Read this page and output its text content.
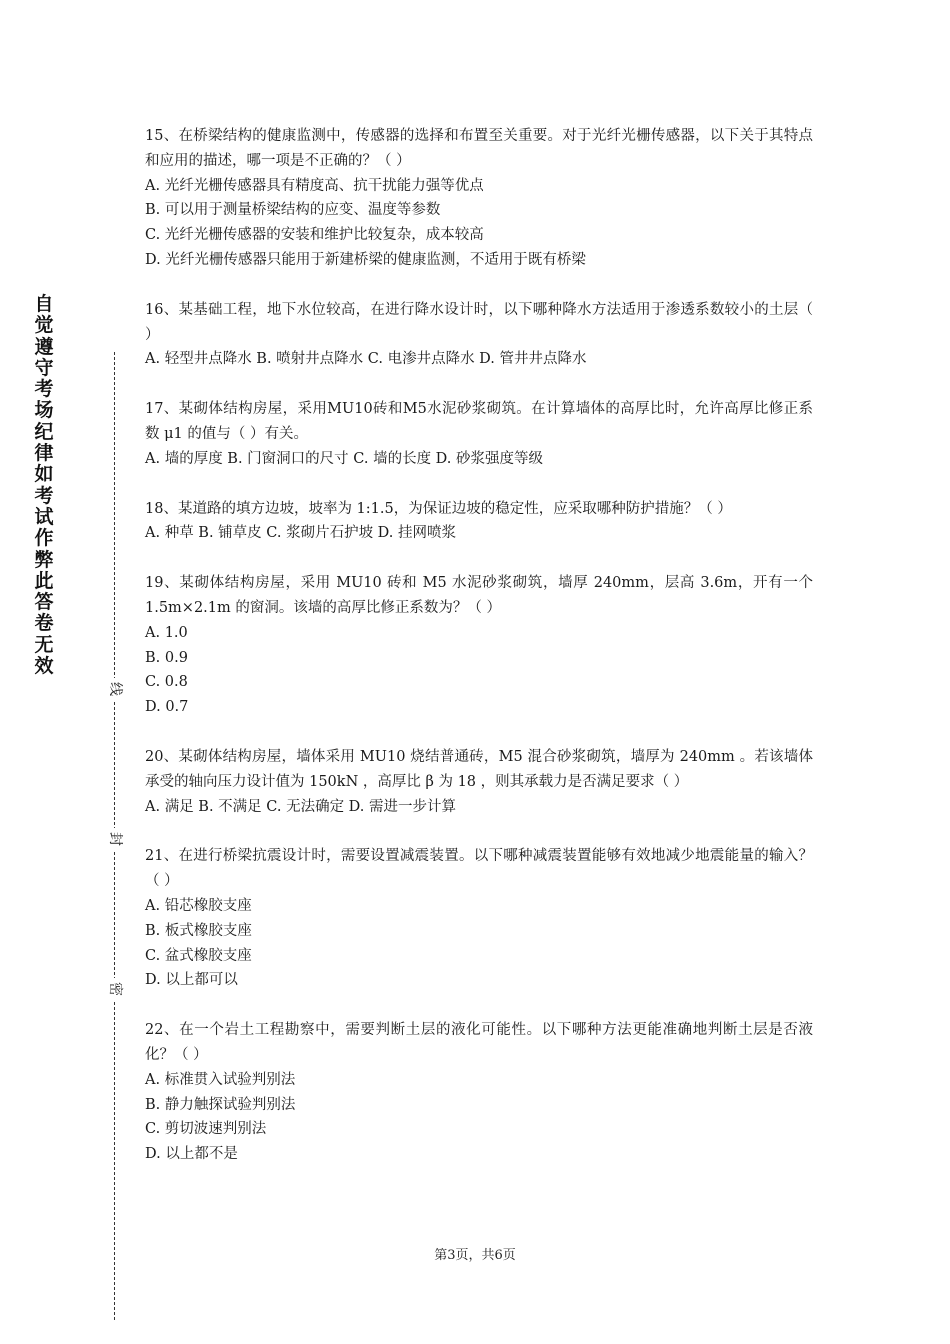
自觉遵守考场纪律如考试作弊此答卷无效
线
封
密
15、在桥梁结构的健康监测中，传感器的选择和布置至关重要。对于光纤光栅传感器，以下关于其特点和应用的描述，哪一项是不正确的？（ ）
A. 光纤光栅传感器具有精度高、抗干扰能力强等优点
B. 可以用于测量桥梁结构的应变、温度等参数
C. 光纤光栅传感器的安装和维护比较复杂，成本较高
D. 光纤光栅传感器只能用于新建桥梁的健康监测，不适用于既有桥梁
16、某基础工程，地下水位较高，在进行降水设计时，以下哪种降水方法适用于渗透系数较小的土层（ ）
A. 轻型井点降水 B. 喷射井点降水 C. 电渗井点降水 D. 管井井点降水
17、某砌体结构房屋，采用MU10砖和M5水泥砂浆砌筑。在计算墙体的高厚比时，允许高厚比修正系数 μ1 的值与（ ）有关。
A. 墙的厚度 B. 门窗洞口的尺寸 C. 墙的长度 D. 砂浆强度等级
18、某道路的填方边坡，坡率为 1:1.5，为保证边坡的稳定性，应采取哪种防护措施？（ ）
A. 种草 B. 铺草皮 C. 浆砌片石护坡 D. 挂网喷浆
19、某砌体结构房屋，采用 MU10 砖和 M5 水泥砂浆砌筑，墙厚 240mm，层高 3.6m，开有一个 1.5m×2.1m 的窗洞。该墙的高厚比修正系数为？（ ）
A. 1.0
B. 0.9
C. 0.8
D. 0.7
20、某砌体结构房屋，墙体采用 MU10 烧结普通砖，M5 混合砂浆砌筑，墙厚为 240mm 。若该墙体承受的轴向压力设计值为 150kN ，高厚比 β 为 18 ，则其承载力是否满足要求（ ）
A. 满足 B. 不满足 C. 无法确定 D. 需进一步计算
21、在进行桥梁抗震设计时，需要设置减震装置。以下哪种减震装置能够有效地减少地震能量的输入？（ ）
A. 铅芯橡胶支座
B. 板式橡胶支座
C. 盆式橡胶支座
D. 以上都可以
22、在一个岩土工程勘察中，需要判断土层的液化可能性。以下哪种方法更能准确地判断土层是否液化？（ ）
A. 标准贯入试验判别法
B. 静力触探试验判别法
C. 剪切波速判别法
D. 以上都不是
第3页，共6页
